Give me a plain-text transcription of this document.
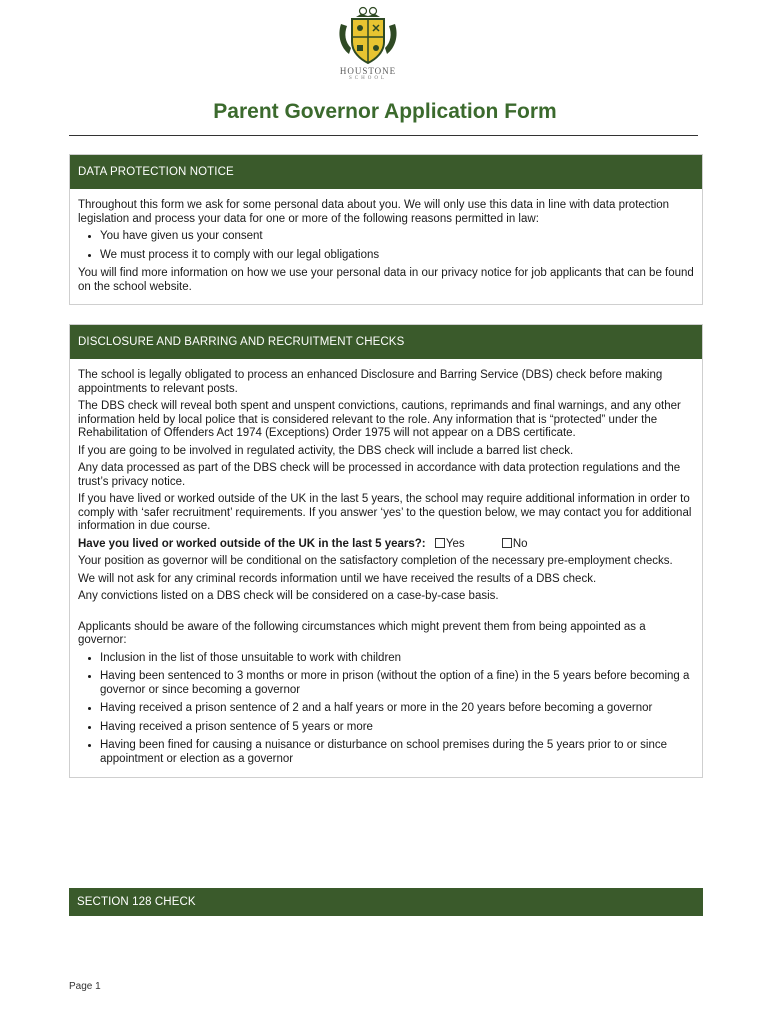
HOUSTONE
SCHOOL
Parent Governor Application Form
DATA PROTECTION NOTICE

Throughout this form we ask for some personal data about you. We will only use this data in line with data protection legislation and process your data for one or more of the following reasons permitted in law:

• You have given us your consent
• We must process it to comply with our legal obligations

You will find more information on how we use your personal data in our privacy notice for job applicants that can be found on the school website.

DISCLOSURE AND BARRING AND RECRUITMENT CHECKS

The school is legally obligated to process an enhanced Disclosure and Barring Service (DBS) check before making appointments to relevant posts.

The DBS check will reveal both spent and unspent convictions, cautions, reprimands and final warnings, and any other information held by local police that is considered relevant to the role. Any information that is “protected” under the Rehabilitation of Offenders Act 1974 (Exceptions) Order 1975 will not appear on a DBS certificate.

If you are going to be involved in regulated activity, the DBS check will include a barred list check.

Any data processed as part of the DBS check will be processed in accordance with data protection regulations and the trust’s privacy notice.

If you have lived or worked outside of the UK in the last 5 years, the school may require additional information in order to comply with ‘safer recruitment’ requirements. If you answer ‘yes’ to the question below, we may contact you for additional information in due course.

Have you lived or worked outside of the UK in the last 5 years?: Yes	No

Your position as governor will be conditional on the satisfactory completion of the necessary pre-employment checks.

We will not ask for any criminal records information until we have received the results of a DBS check.

Any convictions listed on a DBS check will be considered on a case-by-case basis.

Applicants should be aware of the following circumstances which might prevent them from being appointed as a governor:

• Inclusion in the list of those unsuitable to work with children
• Having been sentenced to 3 months or more in prison (without the option of a fine) in the 5 years before becoming a governor or since becoming a governor
• Having received a prison sentence of 2 and a half years or more in the 20 years before becoming a governor
• Having received a prison sentence of 5 years or more
• Having been fined for causing a nuisance or disturbance on school premises during the 5 years prior to or since appointment or election as a governor
SECTION 128 CHECK
Page 1
